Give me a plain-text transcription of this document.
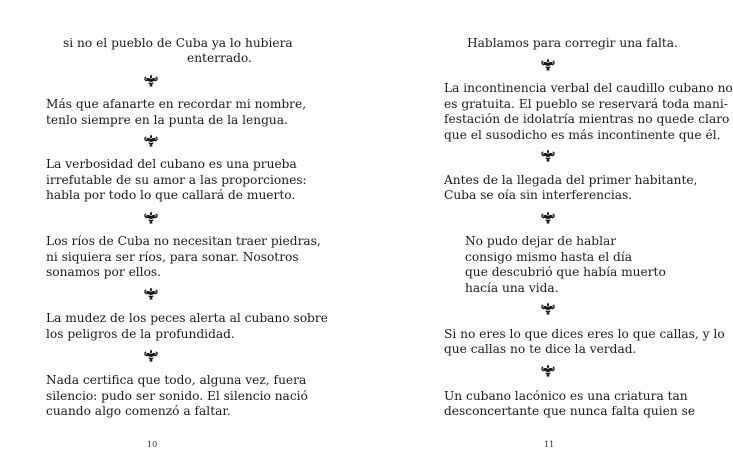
si no el pueblo de Cuba ya lo hubiera

enterrado.

Más que afanarte en recordar mi nombre,

tenlo siempre en la punta de la lengua.

La verbosidad del cubano es una prueba

irrefutable de su amor a las proporciones:

habla por todo lo que callará de muerto.

Los ríos de Cuba no necesitan traer piedras,

ni siquiera ser ríos, para sonar. Nosotros

sonamos por ellos.

La mudez de los peces alerta al cubano sobre

los peligros de la profundidad.

Nada certifica que todo, alguna vez, fuera

silencio: pudo ser sonido. El silencio nació

cuando algo comenzó a faltar.

10

Hablamos para corregir una falta.

La incontinencia verbal del caudillo cubano no

es gratuita. El pueblo se reservará toda mani-

festación de idolatría mientras no quede claro

que el susodicho es más incontinente que él.

Antes de la llegada del primer habitante,

Cuba se oía sin interferencias.

No pudo dejar de hablar

consigo mismo hasta el día

que descubrió que había muerto

hacía una vida.

Si no eres lo que dices eres lo que callas, y lo

que callas no te dice la verdad.

Un cubano lacónico es una criatura tan

desconcertante que nunca falta quien se

11
